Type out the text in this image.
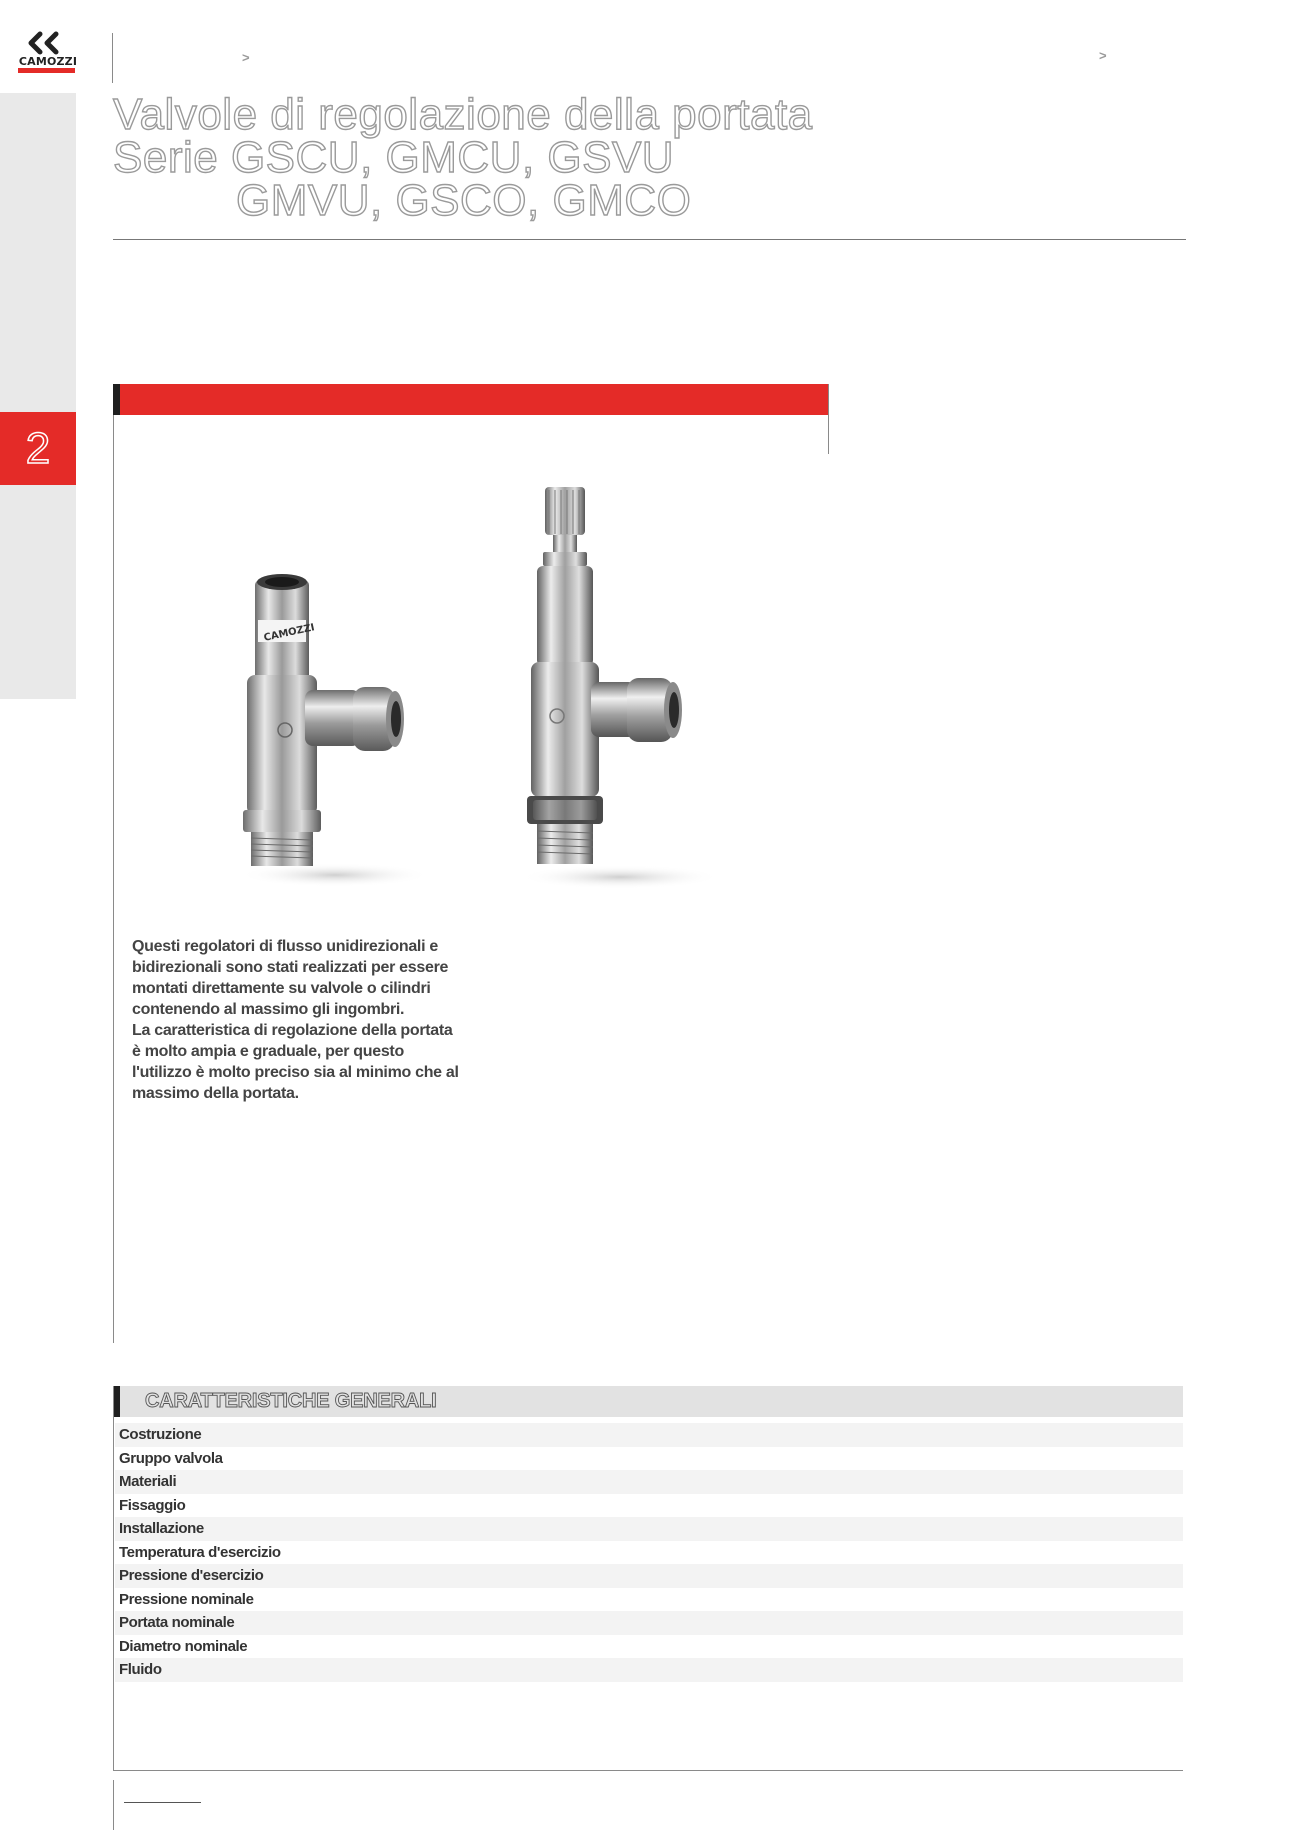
CAMOZZI	>	>
Valvole di regolazione della portata
Serie GSCU, GMCU, GSVU
GMVU, GSCO, GMCO
2
CAMOZZI

Questi regolatori di flusso unidirezionali e bidirezionali sono stati realizzati per essere montati direttamente su valvole o cilindri contenendo al massimo gli ingombri.

La caratteristica di regolazione della portata è molto ampia e graduale, per questo l'utilizzo è molto preciso sia al minimo che al massimo della portata.

CARATTERISTICHE GENERALI
Costruzione
Gruppo valvola
Materiali
Fissaggio
Installazione
Temperatura d'esercizio
Pressione d'esercizio
Pressione nominale
Portata nominale
Diametro nominale
Fluido
